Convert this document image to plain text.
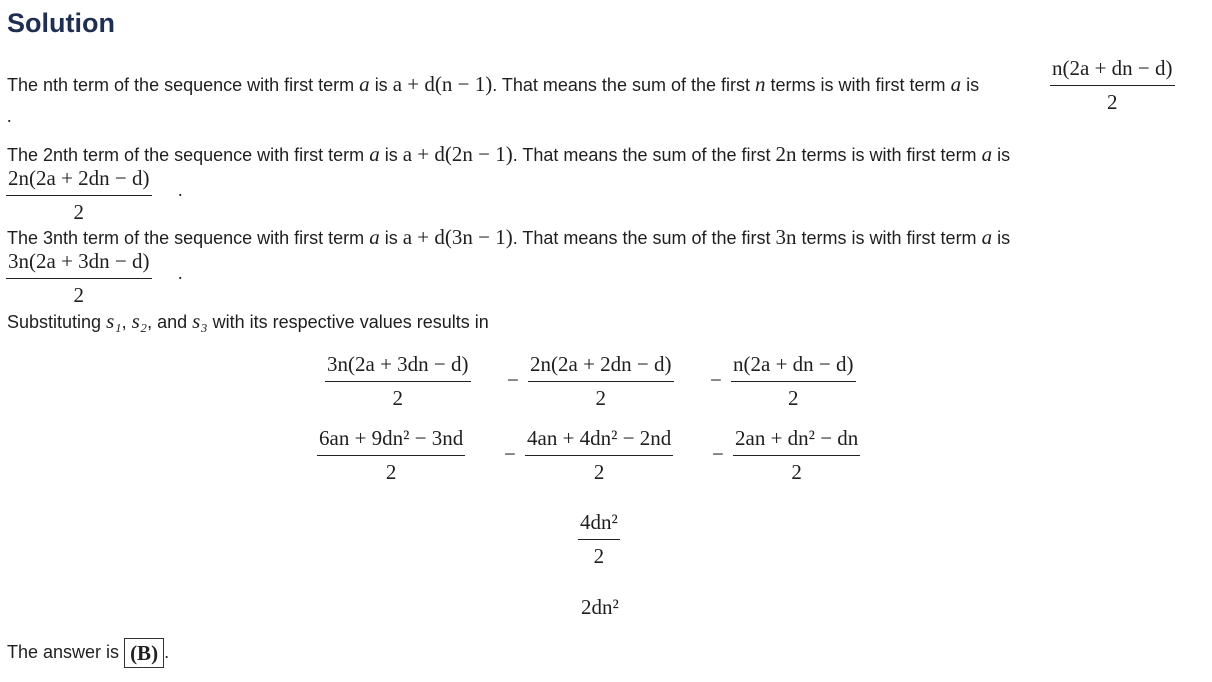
Solution
The nth term of the sequence with first term a is a + d(n − 1). That means the sum of the first n terms is with first term a is	$\frac{n(2a + dn - d)}{2}$
.
The 2nth term of the sequence with first term a is a + d(2n − 1). That means the sum of the first 2n terms is with first term a is
$\frac{2n(2a + 2dn - d)}{2}$ .
The 3nth term of the sequence with first term a is a + d(3n − 1). That means the sum of the first 3n terms is with first term a is
$\frac{3n(2a + 3dn - d)}{2}$ .
Substituting s₁, s₂, and s₃ with its respective values results in
$\frac{3n(2a + 3dn - d)}{2} - \frac{2n(2a + 2dn - d)}{2} - \frac{n(2a + dn - d)}{2}$
$\frac{\text{6an + 9dn² − 3nd}}{2} - \frac{\text{4an + 4dn² − 2nd}}{2} - \frac{\text{2an + dn² − dn}}{2}$
$\frac{\text{4dn²}}{2}$
2dn²
The answer is (B) .
